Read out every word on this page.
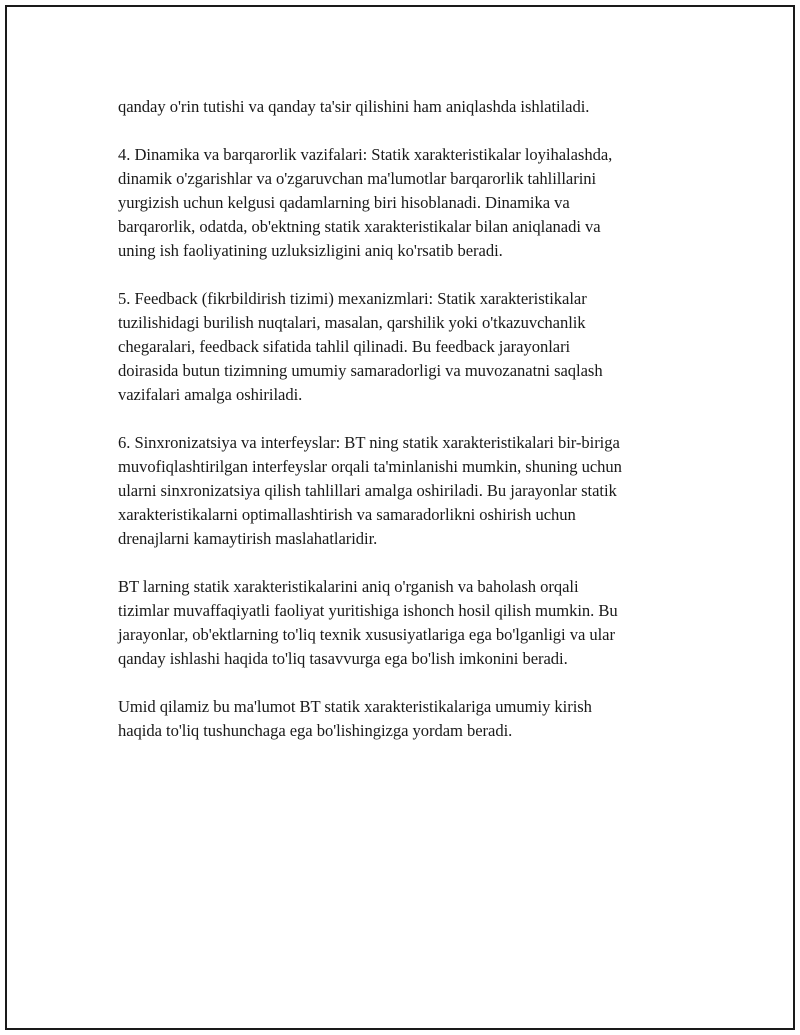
qanday o'rin tutishi va qanday ta'sir qilishini ham aniqlashda ishlatiladi.

4. Dinamika va barqarorlik vazifalari: Statik xarakteristikalar loyihalashda,
dinamik o'zgarishlar va o'zgaruvchan ma'lumotlar barqarorlik tahlillarini
yurgizish uchun kelgusi qadamlarning biri hisoblanadi. Dinamika va
barqarorlik, odatda, ob'ektning statik xarakteristikalar bilan aniqlanadi va
uning ish faoliyatining uzluksizligini aniq ko'rsatib beradi.

5. Feedback (fikrbildirish tizimi) mexanizmlari: Statik xarakteristikalar
tuzilishidagi burilish nuqtalari, masalan, qarshilik yoki o'tkazuvchanlik
chegaralari, feedback sifatida tahlil qilinadi. Bu feedback jarayonlari
doirasida butun tizimning umumiy samaradorligi va muvozanatni saqlash
vazifalari amalga oshiriladi.

6. Sinxronizatsiya va interfeyslar: BT ning statik xarakteristikalari bir-biriga
muvofiqlashtirilgan interfeyslar orqali ta'minlanishi mumkin, shuning uchun
ularni sinxronizatsiya qilish tahlillari amalga oshiriladi. Bu jarayonlar statik
xarakteristikalarni optimallashtirish va samaradorlikni oshirish uchun
drenajlarni kamaytirish maslahatlaridir.

BT larning statik xarakteristikalarini aniq o'rganish va baholash orqali
tizimlar muvaffaqiyatli faoliyat yuritishiga ishonch hosil qilish mumkin. Bu
jarayonlar, ob'ektlarning to'liq texnik xususiyatlariga ega bo'lganligi va ular
qanday ishlashi haqida to'liq tasavvurga ega bo'lish imkonini beradi.

Umid qilamiz bu ma'lumot BT statik xarakteristikalariga umumiy kirish
haqida to'liq tushunchaga ega bo'lishingizga yordam beradi.
